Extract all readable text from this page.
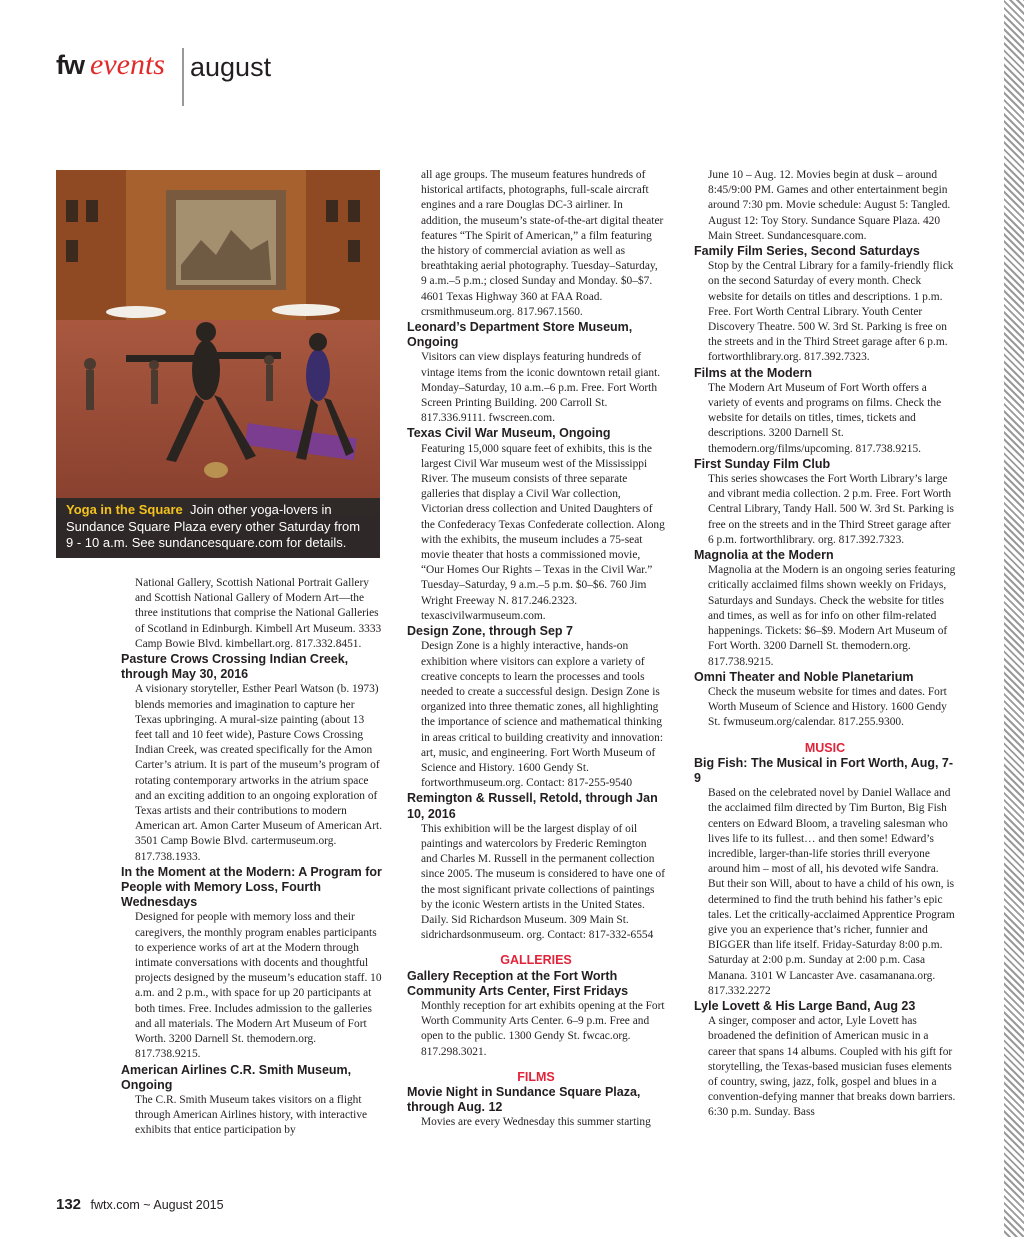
fw events august
Yoga in the Square Join other yoga-lovers in Sundance Square Plaza every other Saturday from 9 - 10 a.m. See sundancesquare.com for details.

National Gallery, Scottish National Portrait Gallery and Scottish National Gallery of Modern Art—the three institutions that comprise the National Galleries of Scotland in Edinburgh. Kimbell Art Museum. 3333 Camp Bowie Blvd. kimbellart.org. 817.332.8451.

Pasture Crows Crossing Indian Creek, through May 30, 2016

A visionary storyteller, Esther Pearl Watson (b. 1973) blends memories and imagination to capture her Texas upbringing. A mural-size painting (about 13 feet tall and 10 feet wide), Pasture Cows Crossing Indian Creek, was created specifically for the Amon Carter’s atrium. It is part of the museum’s program of rotating contemporary artworks in the atrium space and an exciting addition to an ongoing exploration of Texas artists and their contributions to modern American art. Amon Carter Museum of American Art. 3501 Camp Bowie Blvd. cartermuseum.org. 817.738.1933.

In the Moment at the Modern: A Program for People with Memory Loss, Fourth Wednesdays

Designed for people with memory loss and their caregivers, the monthly program enables participants to experience works of art at the Modern through intimate conversations with docents and thoughtful projects designed by the museum’s education staff. 10 a.m. and 2 p.m., with space for up 20 participants at both times. Free. Includes admission to the galleries and all materials. The Modern Art Museum of Fort Worth. 3200 Darnell St. themodern.org. 817.738.9215.

American Airlines C.R. Smith Museum, Ongoing

The C.R. Smith Museum takes visitors on a flight through American Airlines history, with interactive exhibits that entice participation by

all age groups. The museum features hundreds of historical artifacts, photographs, full-scale aircraft engines and a rare Douglas DC-3 airliner. In addition, the museum’s state-of-the-art digital theater features “The Spirit of American,” a film featuring the history of commercial aviation as well as breathtaking aerial photography. Tuesday–Saturday, 9 a.m.–5 p.m.; closed Sunday and Monday. $0–$7. 4601 Texas Highway 360 at FAA Road. crsmithmuseum.org. 817.967.1560.

Leonard’s Department Store Museum, Ongoing

Visitors can view displays featuring hundreds of vintage items from the iconic downtown retail giant. Monday–Saturday, 10 a.m.–6 p.m. Free. Fort Worth Screen Printing Building. 200 Carroll St. 817.336.9111. fwscreen.com.

Texas Civil War Museum, Ongoing

Featuring 15,000 square feet of exhibits, this is the largest Civil War museum west of the Mississippi River. The museum consists of three separate galleries that display a Civil War collection, Victorian dress collection and United Daughters of the Confederacy Texas Confederate collection. Along with the exhibits, the museum includes a 75-seat movie theater that hosts a commissioned movie, “Our Homes Our Rights – Texas in the Civil War.” Tuesday–Saturday, 9 a.m.–5 p.m. $0–$6. 760 Jim Wright Freeway N. 817.246.2323. texascivilwarmuseum.com.

Design Zone, through Sep 7

Design Zone is a highly interactive, hands-on exhibition where visitors can explore a variety of creative concepts to learn the processes and tools needed to create a successful design. Design Zone is organized into three thematic zones, all highlighting the importance of science and mathematical thinking in areas critical to building creativity and innovation: art, music, and engineering. Fort Worth Museum of Science and History. 1600 Gendy St. fortworthmuseum.org. Contact: 817-255-9540

Remington & Russell, Retold, through Jan 10, 2016

This exhibition will be the largest display of oil paintings and watercolors by Frederic Remington and Charles M. Russell in the permanent collection since 2005. The museum is considered to have one of the most significant private collections of paintings by the iconic Western artists in the United States. Daily. Sid Richardson Museum. 309 Main St. sidrichardsonmuseum. org. Contact: 817-332-6554

GALLERIES
Gallery Reception at the Fort Worth Community Arts Center, First Fridays

Monthly reception for art exhibits opening at the Fort Worth Community Arts Center. 6–9 p.m. Free and open to the public. 1300 Gendy St. fwcac.org. 817.298.3021.

FILMS
Movie Night in Sundance Square Plaza, through Aug. 12

Movies are every Wednesday this summer starting

June 10 – Aug. 12. Movies begin at dusk – around 8:45/9:00 PM. Games and other entertainment begin around 7:30 pm. Movie schedule: August 5: Tangled. August 12: Toy Story. Sundance Square Plaza. 420 Main Street. Sundancesquare.com.

Family Film Series, Second Saturdays

Stop by the Central Library for a family-friendly flick on the second Saturday of every month. Check website for details on titles and descriptions. 1 p.m. Free. Fort Worth Central Library. Youth Center Discovery Theatre. 500 W. 3rd St. Parking is free on the streets and in the Third Street garage after 6 p.m. fortworthlibrary.org. 817.392.7323.

Films at the Modern

The Modern Art Museum of Fort Worth offers a variety of events and programs on films. Check the website for details on titles, times, tickets and descriptions. 3200 Darnell St. themodern.org/films/upcoming. 817.738.9215.

First Sunday Film Club

This series showcases the Fort Worth Library’s large and vibrant media collection. 2 p.m. Free. Fort Worth Central Library, Tandy Hall. 500 W. 3rd St. Parking is free on the streets and in the Third Street garage after 6 p.m. fortworthlibrary. org. 817.392.7323.

Magnolia at the Modern

Magnolia at the Modern is an ongoing series featuring critically acclaimed films shown weekly on Fridays, Saturdays and Sundays. Check the website for titles and times, as well as for info on other film-related happenings. Tickets: $6–$9. Modern Art Museum of Fort Worth. 3200 Darnell St. themodern.org. 817.738.9215.

Omni Theater and Noble Planetarium

Check the museum website for times and dates. Fort Worth Museum of Science and History. 1600 Gendy St. fwmuseum.org/calendar. 817.255.9300.

MUSIC
Big Fish: The Musical in Fort Worth, Aug, 7-9

Based on the celebrated novel by Daniel Wallace and the acclaimed film directed by Tim Burton, Big Fish centers on Edward Bloom, a traveling salesman who lives life to its fullest… and then some! Edward’s incredible, larger-than-life stories thrill everyone around him – most of all, his devoted wife Sandra. But their son Will, about to have a child of his own, is determined to find the truth behind his father’s epic tales. Let the critically-acclaimed Apprentice Program give you an experience that’s richer, funnier and BIGGER than life itself. Friday-Saturday 8:00 p.m. Saturday at 2:00 p.m. Sunday at 2:00 p.m. Casa Manana. 3101 W Lancaster Ave. casamanana.org. 817.332.2272

Lyle Lovett & His Large Band, Aug 23

A singer, composer and actor, Lyle Lovett has broadened the definition of American music in a career that spans 14 albums. Coupled with his gift for storytelling, the Texas-based musician fuses elements of country, swing, jazz, folk, gospel and blues in a convention-defying manner that breaks down barriers. 6:30 p.m. Sunday. Bass

132 fwtx.com ~ August 2015
